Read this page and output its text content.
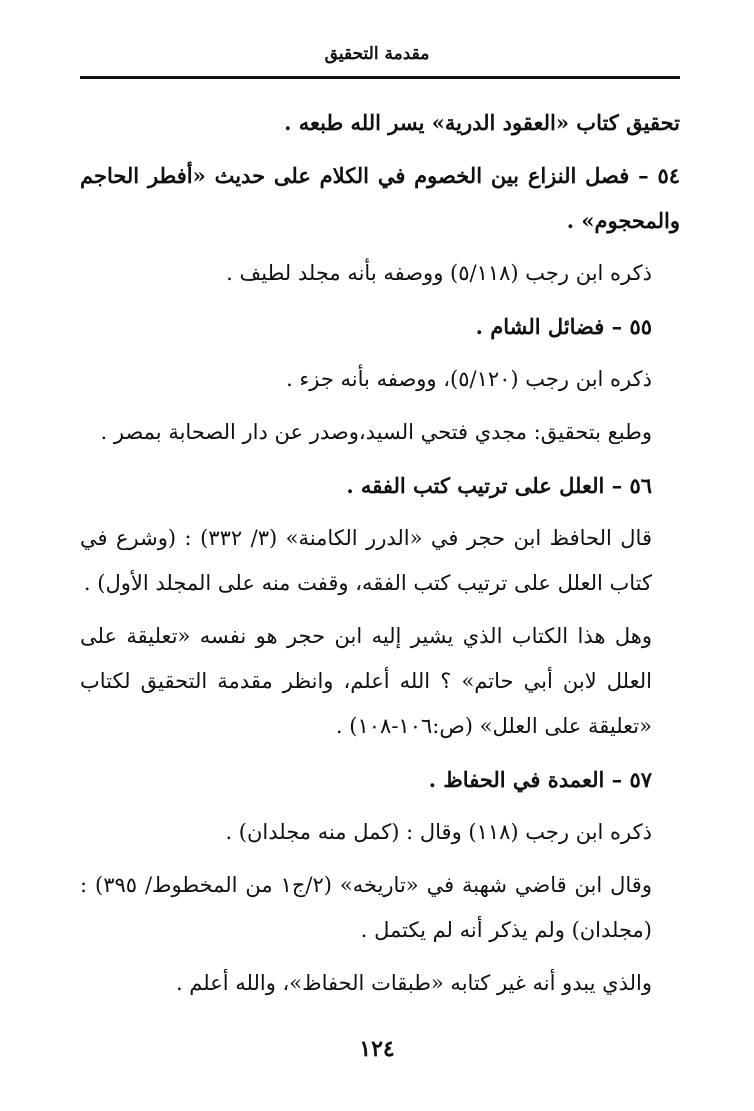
مقدمة التحقيق

تحقيق كتاب «العقود الدرية» يسر الله طبعه .

٥٤ – فصل النزاع بين الخصوم في الكلام على حديث «أفطر الحاجم والمحجوم» .

ذكره ابن رجب (٥/١١٨) ووصفه بأنه مجلد لطيف .

٥٥ – فضائل الشام .

ذكره ابن رجب (٥/١٢٠)، ووصفه بأنه جزء .

وطبع بتحقيق: مجدي فتحي السيد،وصدر عن دار الصحابة بمصر .

٥٦ – العلل على ترتيب كتب الفقه .

قال الحافظ ابن حجر في «الدرر الكامنة» (٣/ ٣٣٢) : (وشرع في كتاب العلل على ترتيب كتب الفقه، وقفت منه على المجلد الأول) .

وهل هذا الكتاب الذي يشير إليه ابن حجر هو نفسه «تعليقة على العلل لابن أبي حاتم» ؟ الله أعلم، وانظر مقدمة التحقيق لكتاب «تعليقة على العلل» (ص:١٠٦-١٠٨) .

٥٧ – العمدة في الحفاظ .

ذكره ابن رجب (١١٨) وقال : (كمل منه مجلدان) .

وقال ابن قاضي شهبة في «تاريخه» (٢/ج١ من المخطوط/ ٣٩٥) : (مجلدان) ولم يذكر أنه لم يكتمل .

والذي يبدو أنه غير كتابه «طبقات الحفاظ»، والله أعلم .

١٢٤
